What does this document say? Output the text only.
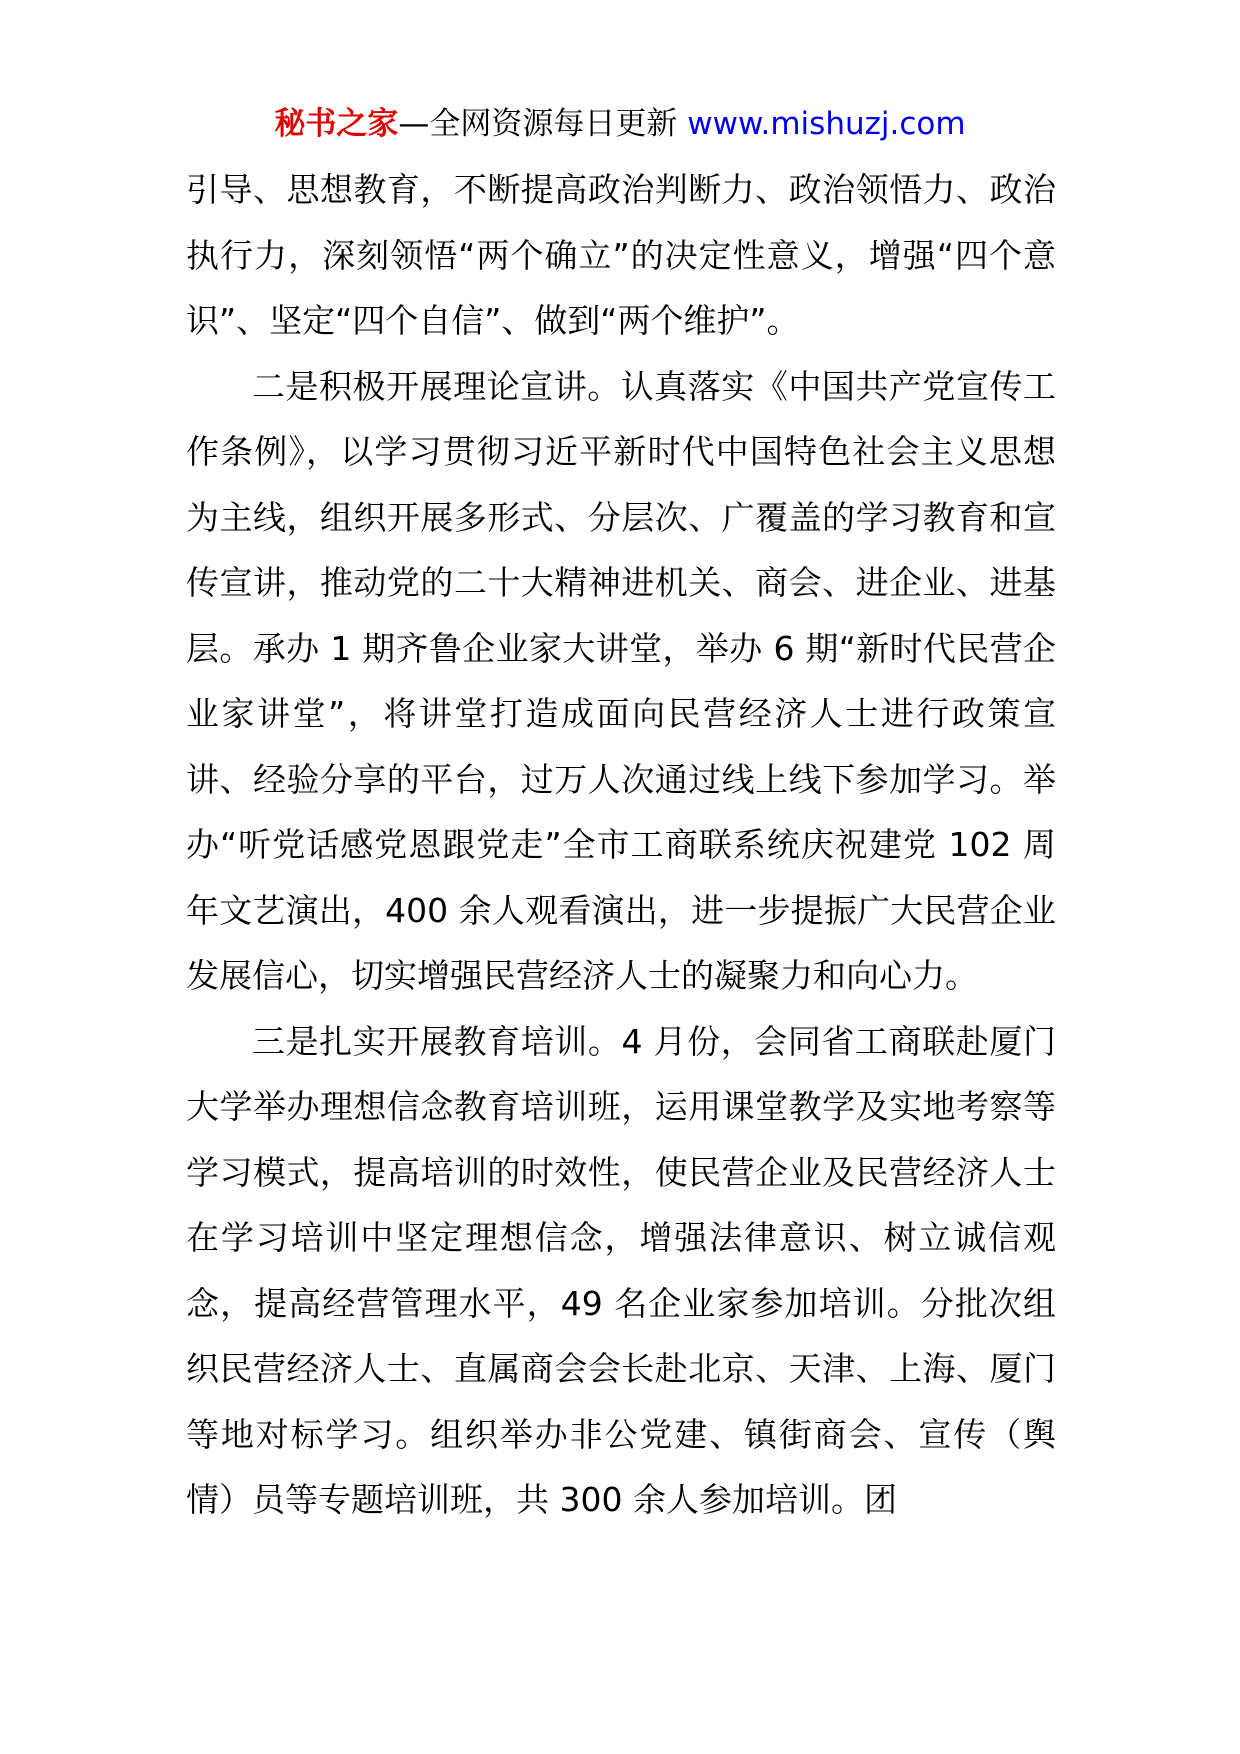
秘书之家—全网资源每日更新 www.mishuzj.com

引导、思想教育，不断提高政治判断力、政治领悟力、政治执行力，深刻领悟“两个确立”的决定性意义，增强“四个意识”、坚定“四个自信”、做到“两个维护”。

二是积极开展理论宣讲。认真落实《中国共产党宣传工作条例》，以学习贯彻习近平新时代中国特色社会主义思想为主线，组织开展多形式、分层次、广覆盖的学习教育和宣传宣讲，推动党的二十大精神进机关、商会、进企业、进基层。承办 1 期齐鲁企业家大讲堂，举办 6 期“新时代民营企业家讲堂”，将讲堂打造成面向民营经济人士进行政策宣讲、经验分享的平台，过万人次通过线上线下参加学习。举办“听党话感党恩跟党走”全市工商联系统庆祝建党 102 周年文艺演出，400 余人观看演出，进一步提振广大民营企业发展信心，切实增强民营经济人士的凝聚力和向心力。

三是扎实开展教育培训。4 月份，会同省工商联赴厦门大学举办理想信念教育培训班，运用课堂教学及实地考察等学习模式，提高培训的时效性，使民营企业及民营经济人士在学习培训中坚定理想信念，增强法律意识、树立诚信观念，提高经营管理水平，49 名企业家参加培训。分批次组织民营经济人士、直属商会会长赴北京、天津、上海、厦门等地对标学习。组织举办非公党建、镇街商会、宣传（舆情）员等专题培训班，共 300 余人参加培训。团
